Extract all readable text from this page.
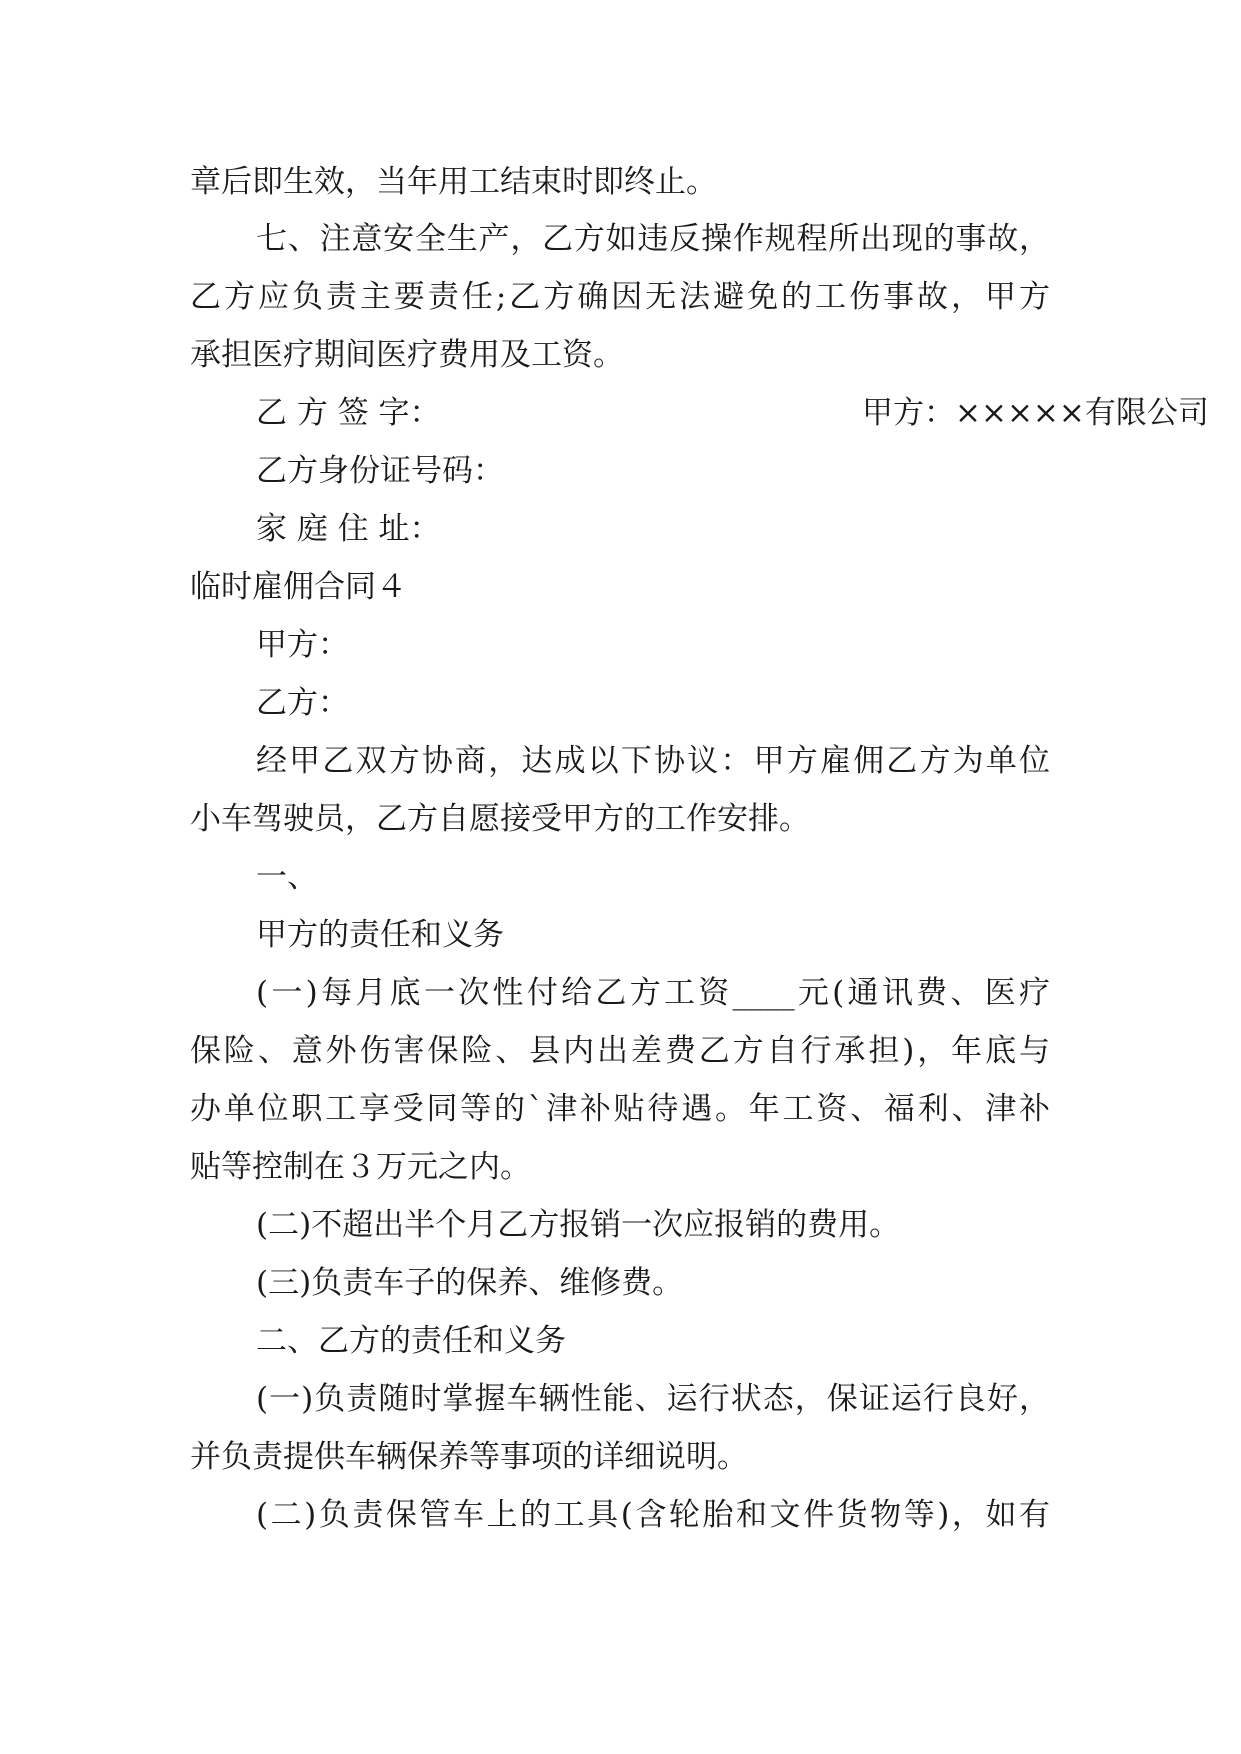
章后即生效，当年用工结束时即终止。
七、注意安全生产，乙方如违反操作规程所出现的事故，
乙方应负责主要责任;乙方确因无法避免的工伤事故，甲方
承担医疗期间医疗费用及工资。
乙 方 签 字：	甲方：×××××有限公司
乙方身份证号码：
家 庭 住 址：
临时雇佣合同４
甲方：
乙方：
经甲乙双方协商，达成以下协议：甲方雇佣乙方为单位
小车驾驶员，乙方自愿接受甲方的工作安排。
一、
甲方的责任和义务
(一)每月底一次性付给乙方工资____元(通讯费、医疗
保险、意外伤害保险、县内出差费乙方自行承担)，年底与
办单位职工享受同等的`津补贴待遇。年工资、福利、津补
贴等控制在３万元之内。
(二)不超出半个月乙方报销一次应报销的费用。
(三)负责车子的保养、维修费。
二、乙方的责任和义务
(一)负责随时掌握车辆性能、运行状态，保证运行良好，
并负责提供车辆保养等事项的详细说明。
(二)负责保管车上的工具(含轮胎和文件货物等)，如有
